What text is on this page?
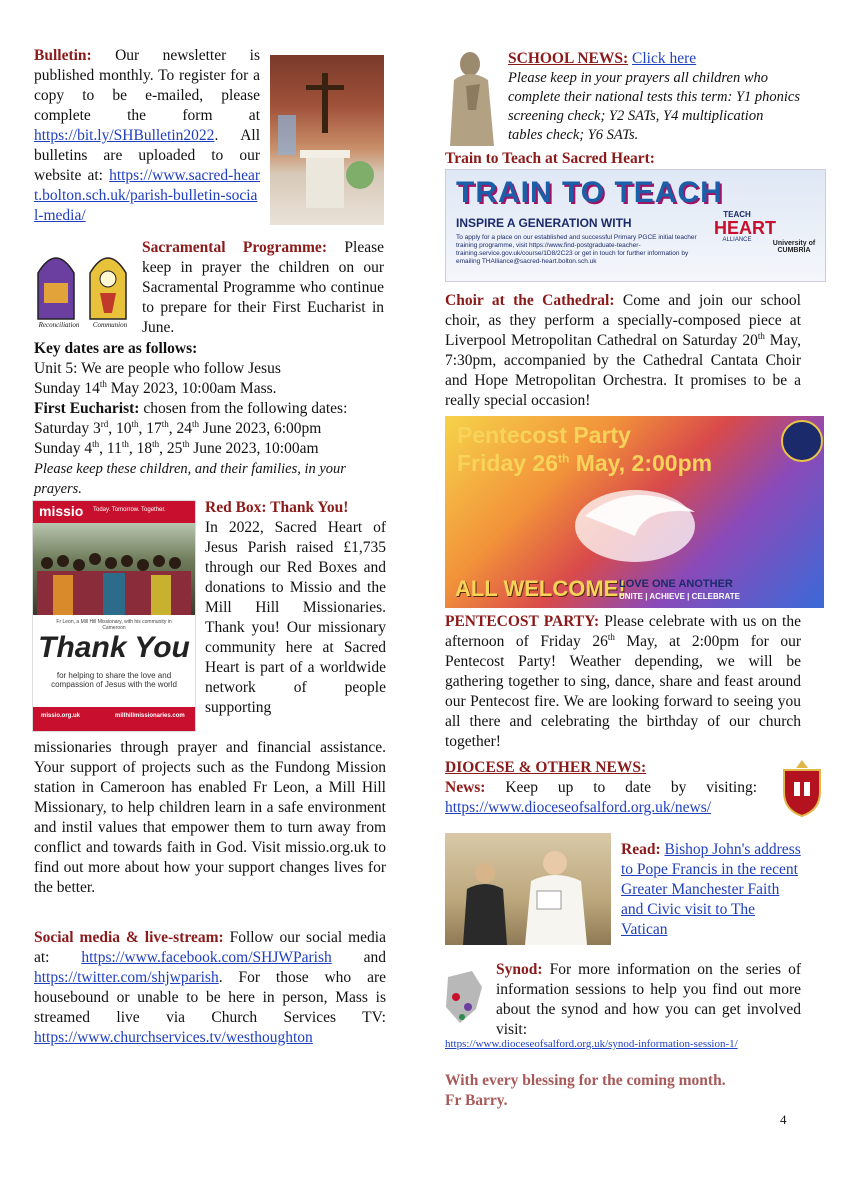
Bulletin: Our newsletter is published monthly. To register for a copy to be e-mailed, please complete the form at https://bit.ly/SHBulletin2022. All bulletins are uploaded to our website at: https://www.sacred-heart.bolton.sch.uk/parish-bulletin-social-media/
Reconciliation	Communion
Sacramental Programme: Please keep in prayer the children on our Sacramental Programme who continue to prepare for their First Eucharist in June.

Key dates are as follows:

Unit 5: We are people who follow Jesus

Sunday 14th May 2023, 10:00am Mass.

First Eucharist: chosen from the following dates:

Saturday 3rd, 10th, 17th, 24th June 2023, 6:00pm

Sunday 4th, 11th, 18th, 25th June 2023, 10:00am

Please keep these children, and their families, in your prayers.

missio Today. Tomorrow. Together.
Fr Leon, a Mill Hill Missionary, with his community in Cameroon
Thank You
for helping to share the love and compassion of Jesus with the world
missio.org.uk	millhillmissionaries.com

Red Box: Thank You!

In 2022, Sacred Heart of Jesus Parish raised £1,735 through our Red Boxes and donations to Missio and the Mill Hill Missionaries. Thank you! Our missionary community here at Sacred Heart is part of a worldwide network of people supporting

missionaries through prayer and financial assistance. Your support of projects such as the Fundong Mission station in Cameroon has enabled Fr Leon, a Mill Hill Missionary, to help children learn in a safe environment and instil values that empower them to turn away from conflict and towards faith in God. Visit missio.org.uk to find out more about how your support changes lives for the better.

Social media & live-stream: Follow our social media at: https://www.facebook.com/SHJWParish and https://twitter.com/shjwparish. For those who are housebound or unable to be here in person, Mass is streamed live via Church Services TV: https://www.churchservices.tv/westhoughton

SCHOOL NEWS: Click here

Please keep in your prayers all children who complete their national tests this term: Y1 phonics screening check; Y2 SATs, Y4 multiplication tables check; Y6 SATs.

Train to Teach at Sacred Heart:
TRAIN TO TEACH
INSPIRE A GENERATION WITH
To apply for a place on our established and successful Primary PGCE initial teacher training programme, visit https://www.find-postgraduate-teacher-training.service.gov.uk/course/1D8/2C23 or get in touch for further information by emailing THAlliance@sacred-heart.bolton.sch.uk
TEACH
HEART
ALLIANCE	University of CUMBRIA
Choir at the Cathedral: Come and join our school choir, as they perform a specially-composed piece at Liverpool Metropolitan Cathedral on Saturday 20th May, 7:30pm, accompanied by the Cathedral Cantata Choir and Hope Metropolitan Orchestra. It promises to be a really special occasion!
Pentecost Party
Friday 26th May, 2:00pm
ALL WELCOME!
LOVE ONE ANOTHER
UNITE | ACHIEVE | CELEBRATE
PENTECOST PARTY: Please celebrate with us on the afternoon of Friday 26th May, at 2:00pm for our Pentecost Party! Weather depending, we will be gathering together to sing, dance, share and feast around our Pentecost fire. We are looking forward to seeing you all there and celebrating the birthday of our church together!
DIOCESE & OTHER NEWS:
News: Keep up to date by visiting: https://www.dioceseofsalford.org.uk/news/
Read: Bishop John's address to Pope Francis in the recent Greater Manchester Faith and Civic visit to The Vatican
Synod: For more information on the series of information sessions to help you find out more about the synod and how you can get involved visit:
https://www.dioceseofsalford.org.uk/synod-information-session-1/

With every blessing for the coming month.

Fr Barry.

4
